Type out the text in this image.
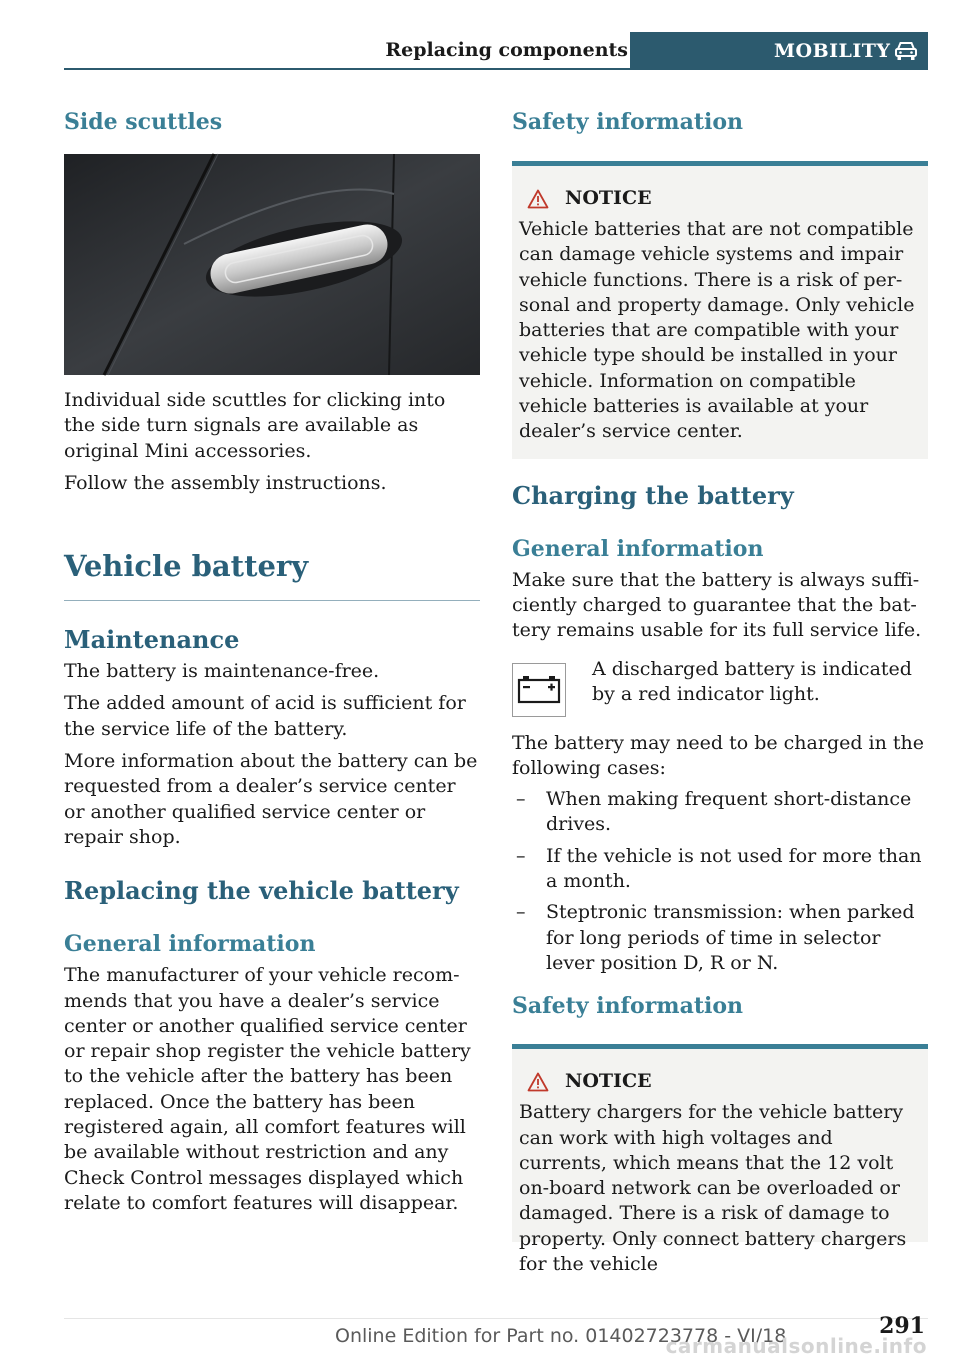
Replacing components	MOBILITY
Side scuttles

Individual side scuttles for clicking into the side turn signals are available as original Mini accessories.

Follow the assembly instructions.

Vehicle battery
Maintenance

The battery is maintenance-free.

The added amount of acid is sufficient for the service life of the battery.

More information about the battery can be requested from a dealer’s service center or another qualified service center or repair shop.

Replacing the vehicle battery
General information

The manufacturer of your vehicle recommends that you have a dealer’s service center or another qualified service center or repair shop register the vehicle battery to the vehicle after the battery has been replaced. Once the battery has been registered again, all comfort features will be available without restriction and any Check Control messages displayed which relate to comfort features will disappear.

Safety information
NOTICE

Vehicle batteries that are not compatible can damage vehicle systems and impair vehicle functions. There is a risk of personal and property damage. Only vehicle batteries that are compatible with your vehicle type should be installed in your vehicle. Information on compatible vehicle batteries is available at your dealer’s service center.

Charging the battery
General information

Make sure that the battery is always sufficiently charged to guarantee that the battery remains usable for its full service life.

A discharged battery is indicated by a red indicator light.

The battery may need to be charged in the following cases:

– When making frequent short-distance drives.
– If the vehicle is not used for more than a month.
– Steptronic transmission: when parked for long periods of time in selector lever position D, R or N.
Safety information
NOTICE

Battery chargers for the vehicle battery can work with high voltages and currents, which means that the 12 volt on-board network can be overloaded or damaged. There is a risk of damage to property. Only connect battery chargers for the vehicle

291
Online Edition for Part no. 01402723778 - VI/18
carmanualsonline.info
